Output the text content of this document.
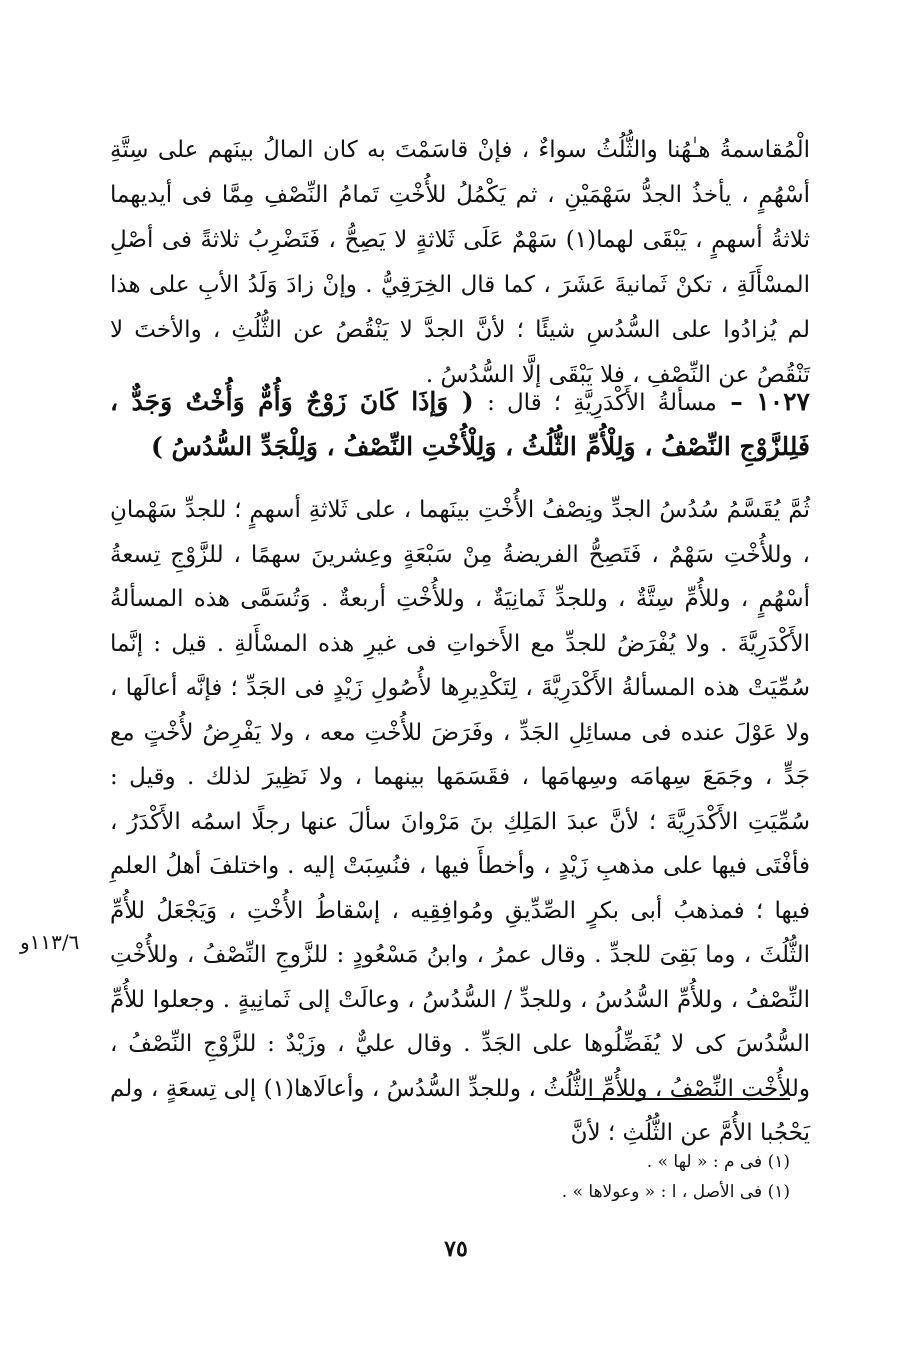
الْمُقاسمةُ هـٰهُنا والثُّلُثُ سواءٌ ، فإنْ قاسَمْتَ به كان المالُ بينَهم على سِتَّةِ أسْهُمٍ ، يأخذُ الجدُّ سَهْمَيْنِ ، ثم يَكْمُلُ للأُخْتِ تَمامُ النِّصْفِ مِمَّا فى أيديهما ثلاثةُ أسهمٍ ، يَبْقَى لهما(١) سَهْمٌ عَلَى ثَلاثةٍ لا يَصِحُّ ، فَتَضْرِبُ ثلاثةً فى أصْلِ المسْأَلَةِ ، تكنْ ثَمانيةَ عَشَرَ ، كما قال الخِرَقِيُّ . وإنْ زادَ وَلَدُ الأبِ على هذا لم يُزادُوا على السُّدُسِ شيئًا ؛ لأنَّ الجدَّ لا يَنْقُصُ عن الثُّلُثِ ، والأختَ لا تَنْقُصُ عن النِّصْفِ ، فلا يَبْقَى إلَّا السُّدُسُ .

١٠٢٧ – مسألةُ الأَكْدَرِيَّةِ ؛ قال : ( وَإذَا كَانَ زَوْجٌ وَأُمٌّ وَأُخْتٌ وَجَدٌّ ، فَلِلزَّوْجِ النِّصْفُ ، وَلِلْأُمِّ الثُّلُثُ ، وَلِلْأُخْتِ النِّصْفُ ، وَلِلْجَدِّ السُّدُسُ )

ثُمَّ يُقَسَّمُ سُدُسُ الجدِّ ونِصْفُ الأُخْتِ بينَهما ، على ثَلاثةِ أسهمٍ ؛ للجدِّ سَهْمانِ ، وللأُخْتِ سَهْمٌ ، فَتَصِحُّ الفريضةُ مِنْ سَبْعَةٍ وعِشرينَ سهمًا ، للزَّوْجِ تِسعةُ أسْهُمٍ ، وللأُمِّ سِتَّةٌ ، وللجدِّ ثَمانِيَةٌ ، وللأُخْتِ أربعةٌ . وَتُسَمَّى هذه المسألةُ الأَكْدَرِيَّةَ . ولا يُفْرَضُ للجدِّ مع الأَخواتِ فى غيرِ هذه المسْأَلةِ . قيل : إنَّما سُمِّيَتْ هذه المسألةُ الأَكْدَرِيَّةَ ، لِتَكْدِيرِها لأُصُولِ زَيْدٍ فى الجَدِّ ؛ فإنَّه أعالَها ، ولا عَوْلَ عنده فى مسائِلِ الجَدِّ ، وفَرَضَ للأُخْتِ معه ، ولا يَفْرِضُ لأُخْتٍ مع جَدٍّ ، وجَمَعَ سِهامَه وسِهامَها ، فقَسَمَها بينهما ، ولا نَظِيرَ لذلك . وقيل : سُمِّيَتِ الأَكْدَرِيَّةَ ؛ لأنَّ عبدَ المَلِكِ بنَ مَرْوانَ سألَ عنها رجلًا اسمُه الأَكْدَرُ ، فأفْتَى فيها على مذهبِ زَيْدٍ ، وأخطأَ فيها ، فنُسِبَتْ إليه . واختلفَ أهلُ العلمِ فيها ؛ فمذهبُ أبى بكرٍ الصِّدِّيقِ ومُوافِقِيه ، إسْقاطُ الأُخْتِ ، وَيَجْعَلُ للأُمِّ الثُّلُثَ ، وما بَقِىَ للجدِّ . وقال عمرُ ، وابنُ مَسْعُودٍ : للزَّوجِ النِّصْفُ ، وللأُخْتِ النِّصْفُ ، وللأُمِّ السُّدُسُ ، وللجدِّ / السُّدُسُ ، وعالَتْ إلى ثَمانِيةٍ . وجعلوا للأُمِّ السُّدُسَ كى لا يُفَضِّلُوها على الجَدِّ . وقال عليٌّ ، وزَيْدٌ : للزَّوْجِ النِّصْفُ ، وللأُخْتِ النِّصْفُ ، وللأُمِّ الثُّلُثُ ، وللجدِّ السُّدُسُ ، وأعالَاها(١) إلى تِسعَةٍ ، ولم يَحْجُبا الأُمَّ عن الثُّلُثِ ؛ لأنَّ

١١٣/٦و
(١) فى م : « لها » .
(١) فى الأصل ، ا : « وعولاها » .
٧٥
